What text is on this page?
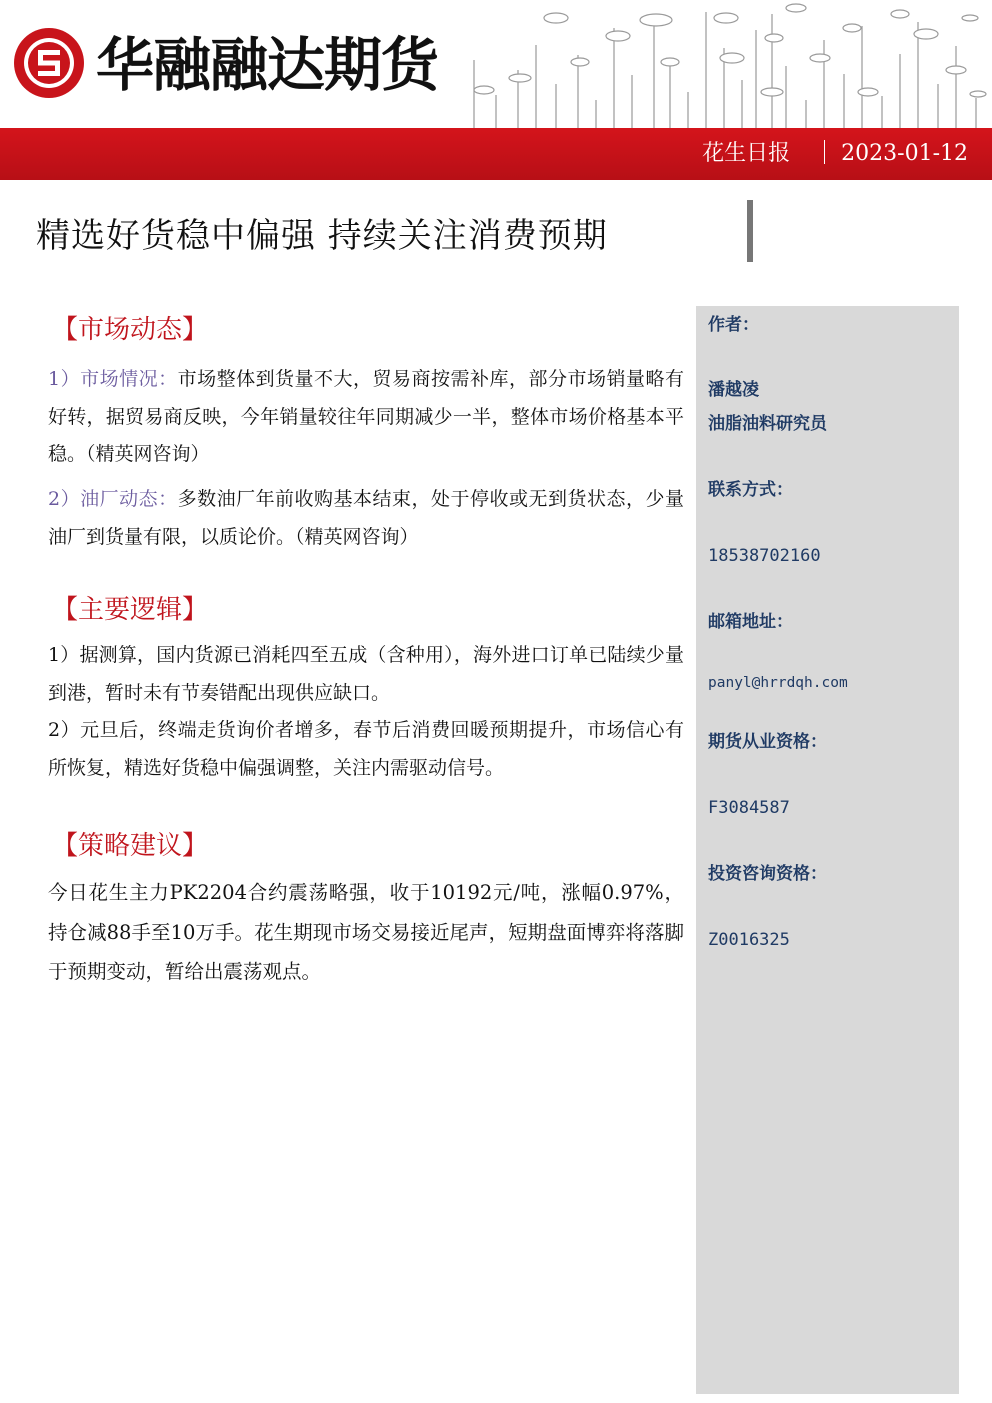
华融融达期货
花生日报 2023-01-12
精选好货稳中偏强 持续关注消费预期
【市场动态】

1）市场情况：市场整体到货量不大，贸易商按需补库，部分市场销量略有好转，据贸易商反映，今年销量较往年同期减少一半，整体市场价格基本平稳。（精英网咨询）

2）油厂动态：多数油厂年前收购基本结束，处于停收或无到货状态，少量油厂到货量有限，以质论价。（精英网咨询）

【主要逻辑】

1）据测算，国内货源已消耗四至五成（含种用），海外进口订单已陆续少量到港，暂时未有节奏错配出现供应缺口。

2）元旦后，终端走货询价者增多，春节后消费回暖预期提升，市场信心有所恢复，精选好货稳中偏强调整，关注内需驱动信号。

【策略建议】

今日花生主力PK2204合约震荡略强，收于10192元/吨，涨幅0.97%，持仓减88手至10万手。花生期现市场交易接近尾声，短期盘面博弈将落脚于预期变动，暂给出震荡观点。

作者：
潘越凌
油脂油料研究员
联系方式：
18538702160
邮箱地址：
panyl@hrrdqh.com
期货从业资格：
F3084587
投资咨询资格：
Z0016325
